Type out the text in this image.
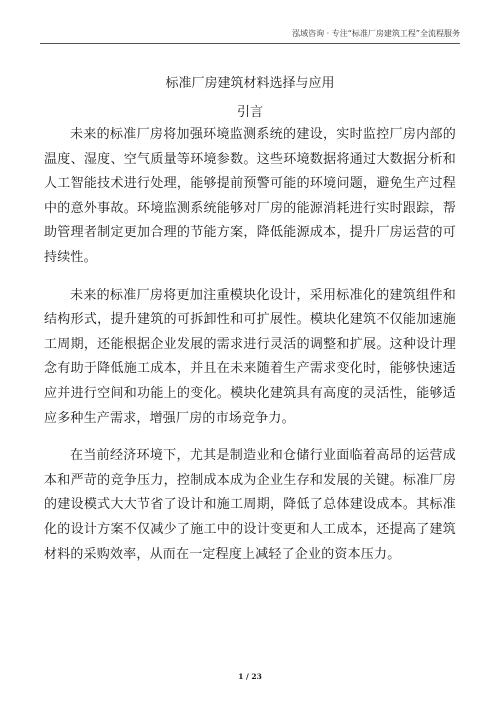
泓域咨询 · 专注“标准厂房建筑工程”全流程服务
标准厂房建筑材料选择与应用
引言

未来的标准厂房将加强环境监测系统的建设，实时监控厂房内部的温度、湿度、空气质量等环境参数。这些环境数据将通过大数据分析和人工智能技术进行处理，能够提前预警可能的环境问题，避免生产过程中的意外事故。环境监测系统能够对厂房的能源消耗进行实时跟踪，帮助管理者制定更加合理的节能方案，降低能源成本，提升厂房运营的可持续性。

未来的标准厂房将更加注重模块化设计，采用标准化的建筑组件和结构形式，提升建筑的可拆卸性和可扩展性。模块化建筑不仅能加速施工周期，还能根据企业发展的需求进行灵活的调整和扩展。这种设计理念有助于降低施工成本，并且在未来随着生产需求变化时，能够快速适应并进行空间和功能上的变化。模块化建筑具有高度的灵活性，能够适应多种生产需求，增强厂房的市场竞争力。

在当前经济环境下，尤其是制造业和仓储行业面临着高昂的运营成本和严苛的竞争压力，控制成本成为企业生存和发展的关键。标准厂房的建设模式大大节省了设计和施工周期，降低了总体建设成本。其标准化的设计方案不仅减少了施工中的设计变更和人工成本，还提高了建筑材料的采购效率，从而在一定程度上减轻了企业的资本压力。

1 / 23
